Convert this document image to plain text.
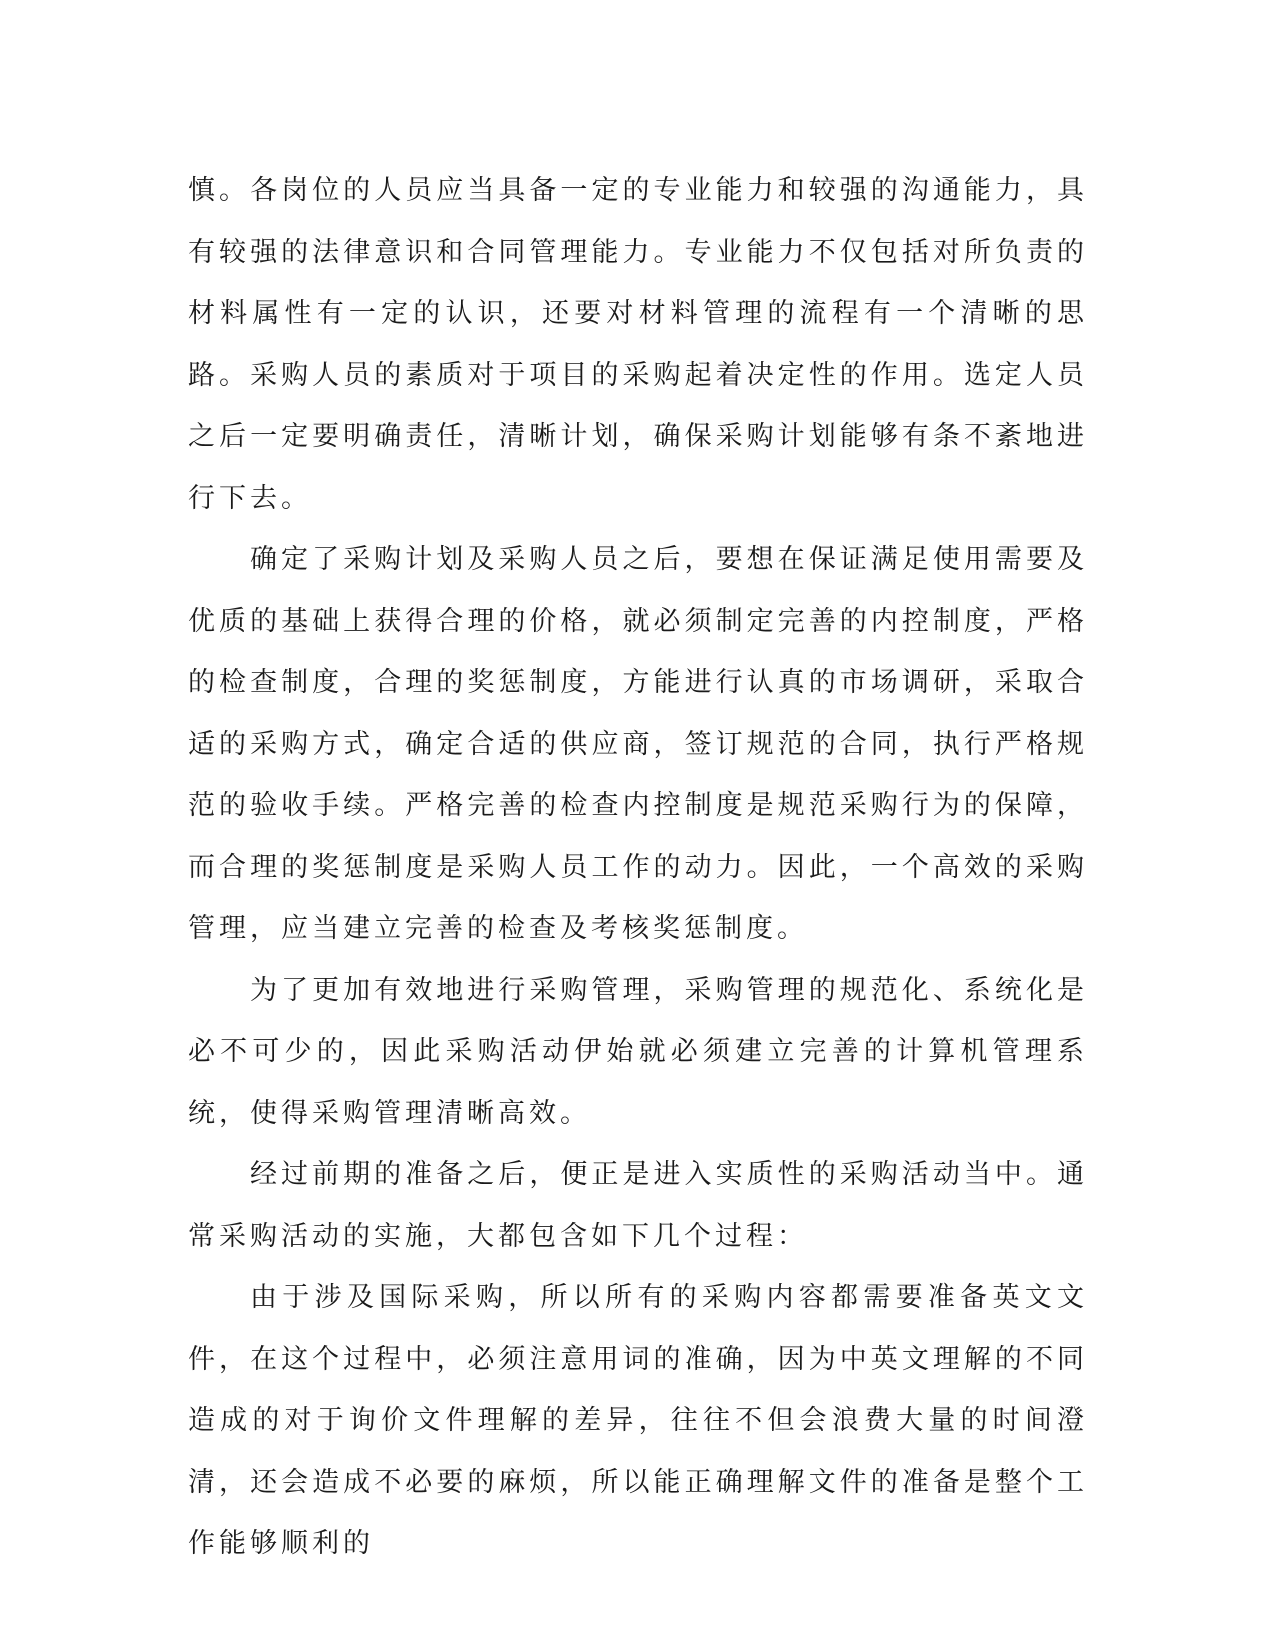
慎。各岗位的人员应当具备一定的专业能力和较强的沟通能力，具有较强的法律意识和合同管理能力。专业能力不仅包括对所负责的材料属性有一定的认识，还要对材料管理的流程有一个清晰的思路。采购人员的素质对于项目的采购起着决定性的作用。选定人员之后一定要明确责任，清晰计划，确保采购计划能够有条不紊地进行下去。

确定了采购计划及采购人员之后，要想在保证满足使用需要及优质的基础上获得合理的价格，就必须制定完善的内控制度，严格的检查制度，合理的奖惩制度，方能进行认真的市场调研，采取合适的采购方式，确定合适的供应商，签订规范的合同，执行严格规范的验收手续。严格完善的检查内控制度是规范采购行为的保障，而合理的奖惩制度是采购人员工作的动力。因此，一个高效的采购管理，应当建立完善的检查及考核奖惩制度。

为了更加有效地进行采购管理，采购管理的规范化、系统化是必不可少的，因此采购活动伊始就必须建立完善的计算机管理系统，使得采购管理清晰高效。

经过前期的准备之后，便正是进入实质性的采购活动当中。通常采购活动的实施，大都包含如下几个过程：

由于涉及国际采购，所以所有的采购内容都需要准备英文文件，在这个过程中，必须注意用词的准确，因为中英文理解的不同造成的对于询价文件理解的差异，往往不但会浪费大量的时间澄清，还会造成不必要的麻烦，所以能正确理解文件的准备是整个工作能够顺利的
